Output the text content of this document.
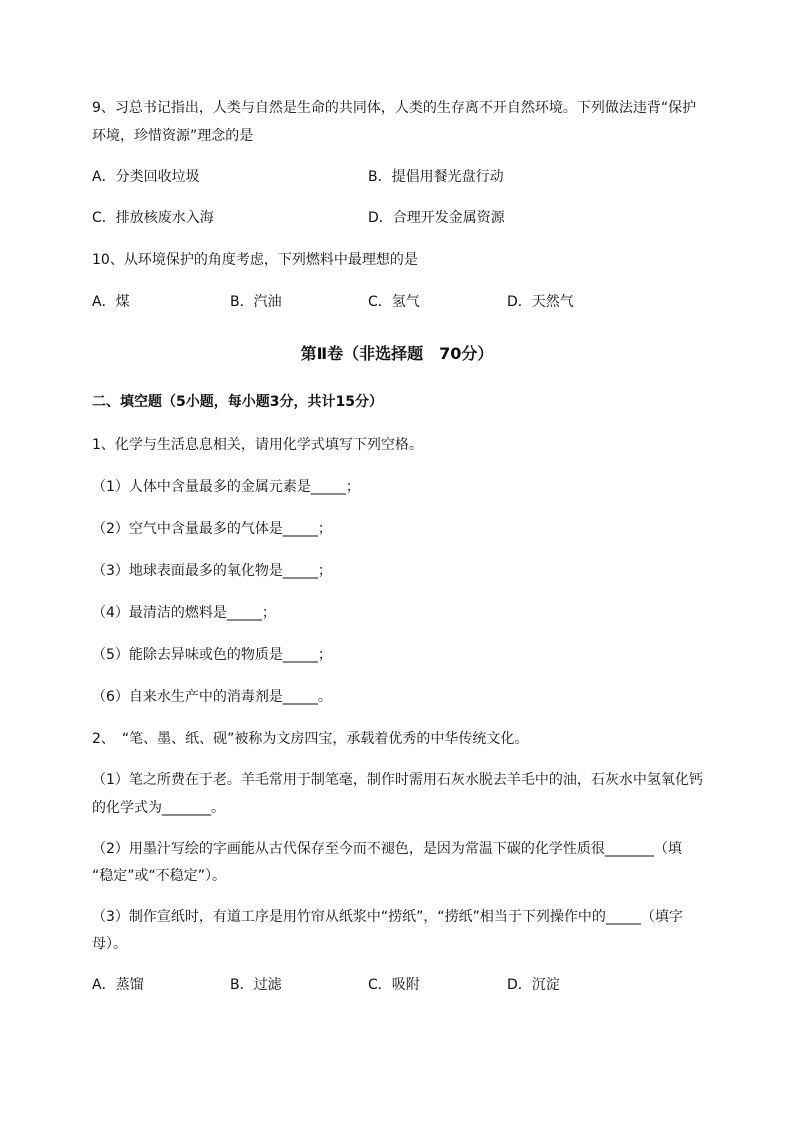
9、习总书记指出，人类与自然是生命的共同体，人类的生存离不开自然环境。下列做法违背“保护
环境，珍惜资源”理念的是
A．分类回收垃圾	B．提倡用餐光盘行动
C．排放核废水入海	D．合理开发金属资源
10、从环境保护的角度考虑，下列燃料中最理想的是
A．煤	B．汽油	C．氢气	D．天然气
第Ⅱ卷（非选择题　70分）
二、填空题（5小题，每小题3分，共计15分）
1、化学与生活息息相关，请用化学式填写下列空格。
（1）人体中含量最多的金属元素是_____；
（2）空气中含量最多的气体是_____；
（3）地球表面最多的氧化物是_____；
（4）最清洁的燃料是_____；
（5）能除去异味或色的物质是_____；
（6）自来水生产中的消毒剂是_____。
2、　“笔、墨、纸、砚”被称为文房四宝，承载着优秀的中华传统文化。
（1）笔之所费在于老。羊毛常用于制笔毫，制作时需用石灰水脱去羊毛中的油，石灰水中氢氧化钙
的化学式为_______。
（2）用墨汁写绘的字画能从古代保存至今而不褪色，是因为常温下碳的化学性质很_______（填
“稳定”或“不稳定”）。
（3）制作宣纸时，有道工序是用竹帘从纸浆中“捞纸”，“捞纸”相当于下列操作中的_____（填字
母）。
A．蒸馏	B．过滤	C．吸附	D．沉淀
